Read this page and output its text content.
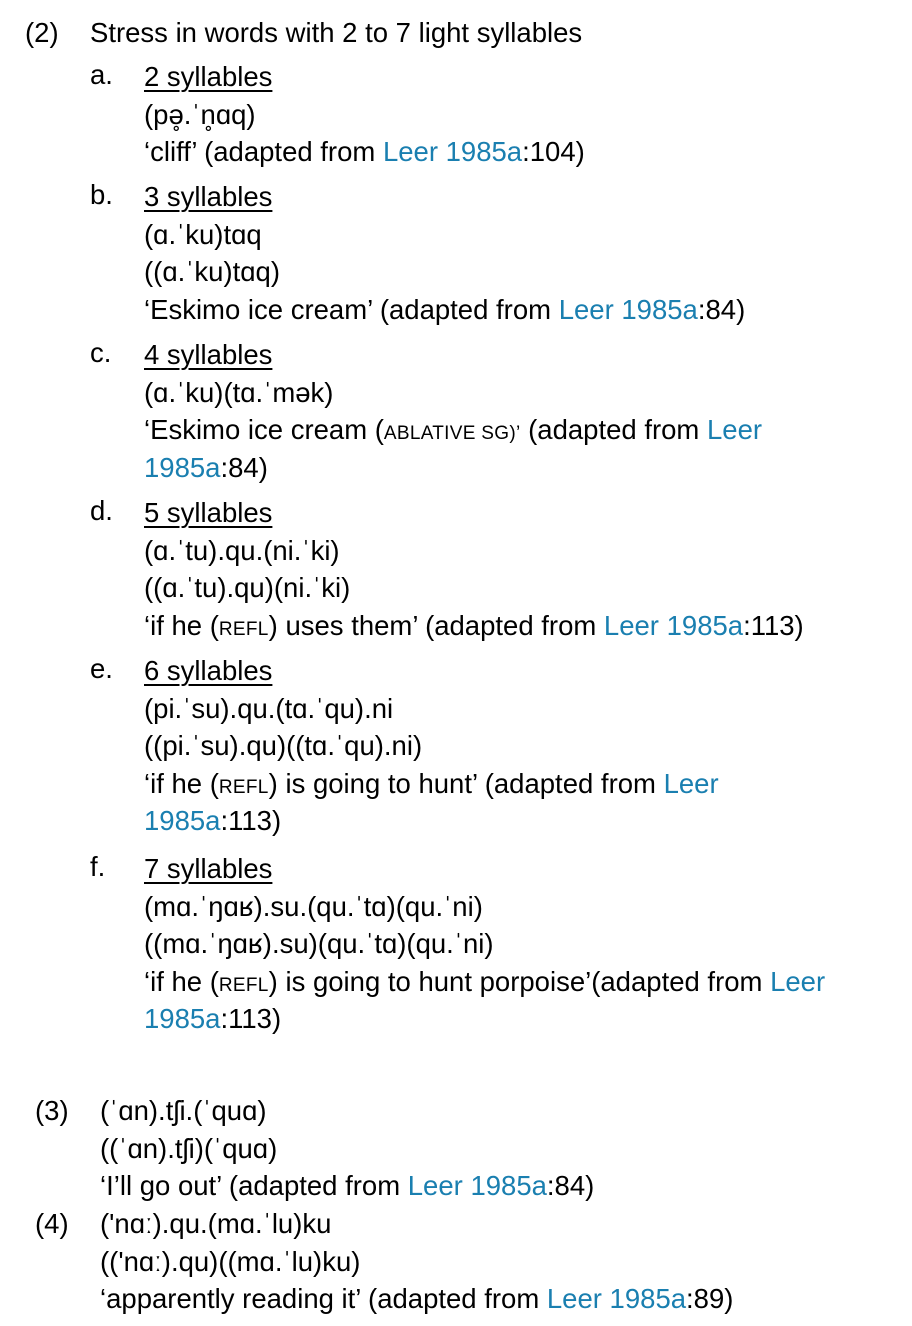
(2) Stress in words with 2 to 7 light syllables
a. 2 syllables
(pə̥.ˈn̥ɑq)
‘cliff’ (adapted from Leer 1985a:104)
b. 3 syllables
(ɑ.ˈku)tɑq
((ɑ.ˈku)tɑq)
‘Eskimo ice cream’ (adapted from Leer 1985a:84)
c. 4 syllables
(ɑ.ˈku)(tɑ.ˈmək)
‘Eskimo ice cream (ABLATIVE SG)’ (adapted from Leer
1985a:84)
d. 5 syllables
(ɑ.ˈtu).qu.(ni.ˈki)
((ɑ.ˈtu).qu)(ni.ˈki)
‘if he (REFL) uses them’ (adapted from Leer 1985a:113)
e. 6 syllables
(pi.ˈsu).qu.(tɑ.ˈqu).ni
((pi.ˈsu).qu)((tɑ.ˈqu).ni)
‘if he (REFL) is going to hunt’ (adapted from Leer
1985a:113)
f. 7 syllables
(mɑ.ˈŋɑʁ).su.(qu.ˈtɑ)(qu.ˈni)
((mɑ.ˈŋɑʁ).su)(qu.ˈtɑ)(qu.ˈni)
‘if he (REFL) is going to hunt porpoise’(adapted from Leer
1985a:113)
(3) (ˈɑn).tʃi.(ˈquɑ)
((ˈɑn).tʃi)(ˈquɑ)
‘I’ll go out’ (adapted from Leer 1985a:84)
(4) ('nɑː).qu.(mɑ.ˈlu)ku
(('nɑː).qu)((mɑ.ˈlu)ku)
‘apparently reading it’ (adapted from Leer 1985a:89)
